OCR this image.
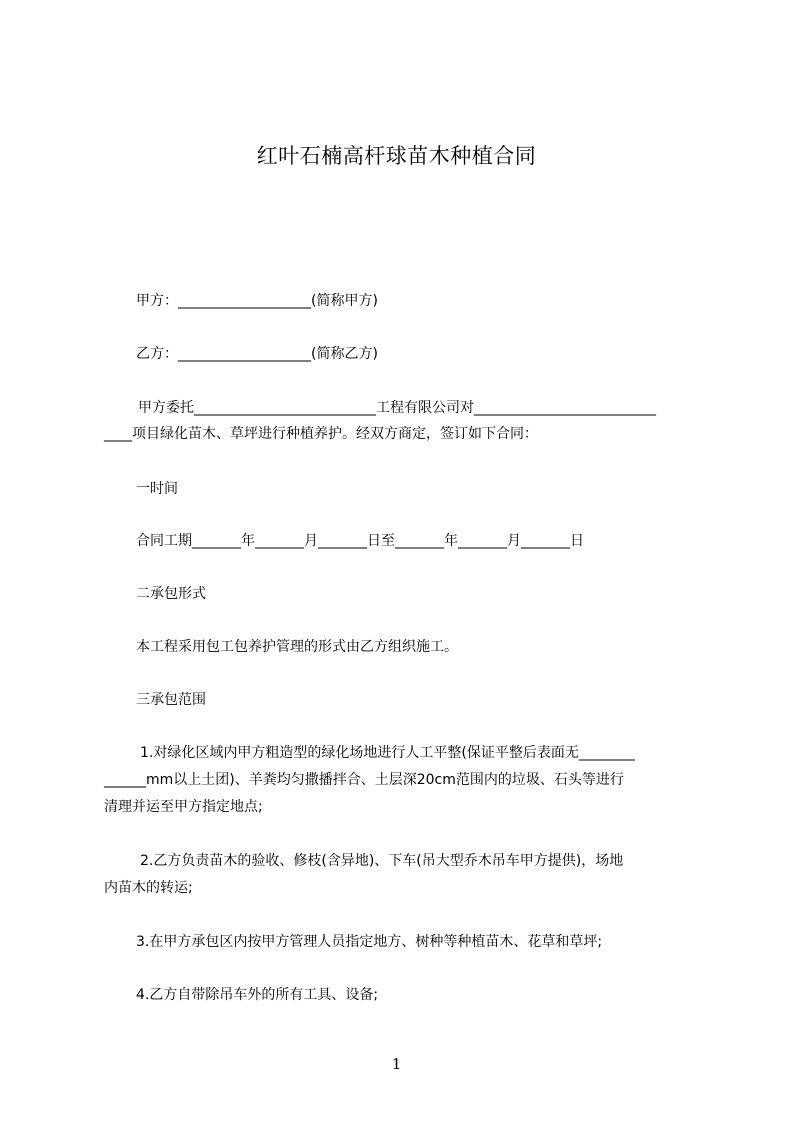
红叶石楠高杆球苗木种植合同
甲方：___________________(简称甲方)
乙方：___________________(简称乙方)
甲方委托__________________________工程有限公司对__________________________
____项目绿化苗木、草坪进行种植养护。经双方商定，签订如下合同：
一时间
合同工期_______年_______月_______日至_______年_______月_______日
二承包形式
本工程采用包工包养护管理的形式由乙方组织施工。
三承包范围
1.对绿化区域内甲方粗造型的绿化场地进行人工平整(保证平整后表面无________
______mm以上土团)、羊粪均匀撒播拌合、土层深20cm范围内的垃圾、石头等进行
清理并运至甲方指定地点;
2.乙方负责苗木的验收、修枝(含异地)、下车(吊大型乔木吊车甲方提供)，场地
内苗木的转运;
3.在甲方承包区内按甲方管理人员指定地方、树种等种植苗木、花草和草坪;
4.乙方自带除吊车外的所有工具、设备;
1
